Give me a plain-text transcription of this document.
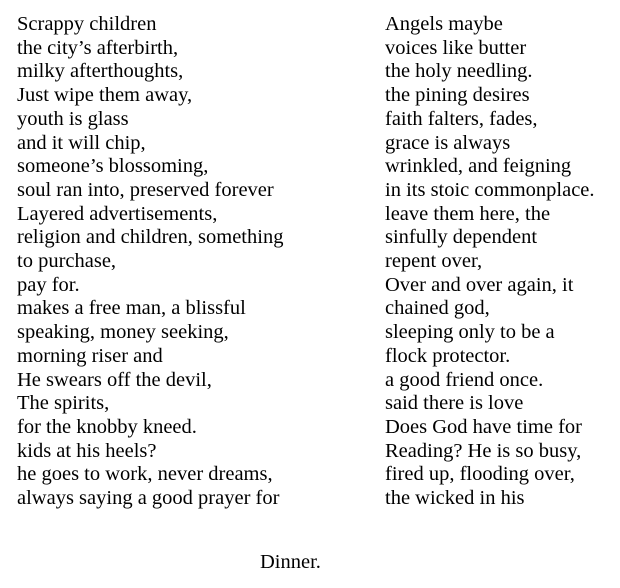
Scrappy children
the city’s afterbirth,
milky afterthoughts,
Just wipe them away,
youth is glass
and it will chip,
someone’s blossoming,
soul ran into, preserved forever
Layered advertisements,
religion and children, something
to purchase,
pay for.
makes a free man, a blissful
speaking, money seeking,
morning riser and
He swears off the devil,
The spirits,
for the knobby kneed.
kids at his heels?
he goes to work, never dreams,
always saying a good prayer for
Angels maybe
voices like butter
the holy needling.
the pining desires
faith falters, fades,
grace is always
wrinkled, and feigning
in its stoic commonplace.
leave them here, the
sinfully dependent
repent over,
Over and over again, it
chained god,
sleeping only to be a
flock protector.
a good friend once.
said there is love
Does God have time for
Reading? He is so busy,
fired up, flooding over,
the wicked in his
Dinner.
